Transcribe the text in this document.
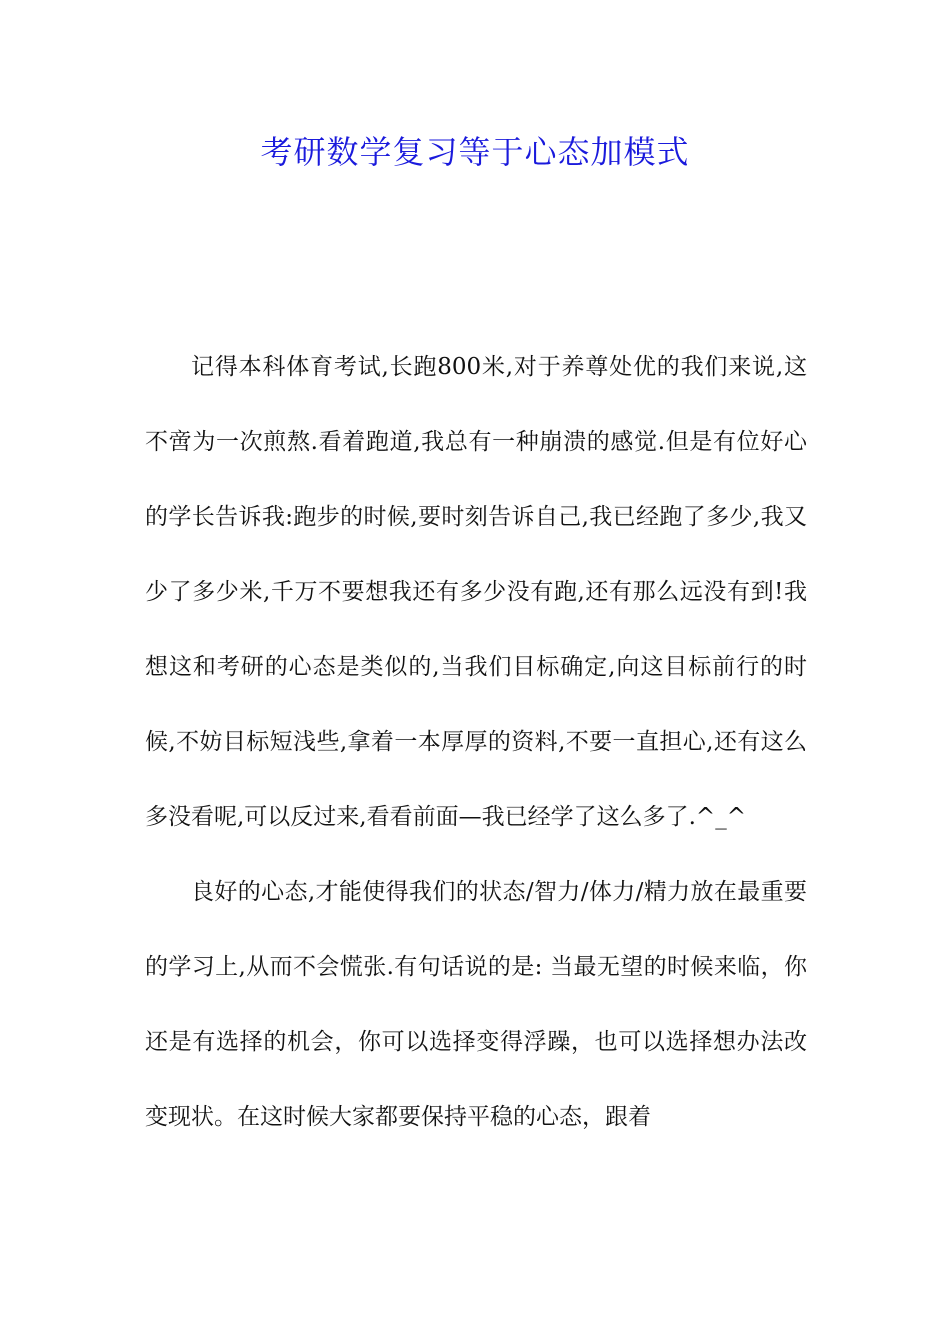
考研数学复习等于心态加模式

记得本科体育考试,长跑800米,对于养尊处优的我们来说,这不啻为一次煎熬.看着跑道,我总有一种崩溃的感觉.但是有位好心的学长告诉我:跑步的时候,要时刻告诉自己,我已经跑了多少,我又少了多少米,千万不要想我还有多少没有跑,还有那么远没有到!我想这和考研的心态是类似的,当我们目标确定,向这目标前行的时候,不妨目标短浅些,拿着一本厚厚的资料,不要一直担心,还有这么多没看呢,可以反过来,看看前面—我已经学了这么多了.^_^

良好的心态,才能使得我们的状态/智力/体力/精力放在最重要的学习上,从而不会慌张.有句话说的是: 当最无望的时候来临，你还是有选择的机会，你可以选择变得浮躁，也可以选择想办法改变现状。在这时候大家都要保持平稳的心态，跟着
